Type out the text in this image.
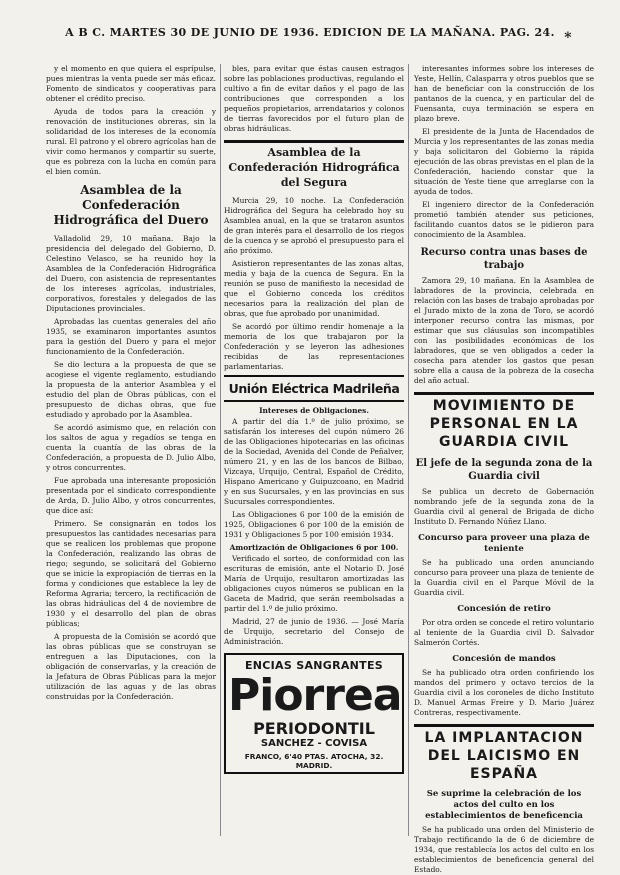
A B C. MARTES 30 DE JUNIO DE 1936. EDICION DE LA MAÑANA. PAG. 24. *

y el momento en que quiera el esprípulse, pues mientras la venta puede ser más eficaz. Fomento de sindicatos y cooperativas para obtener el crédito preciso.

Ayuda de todos para la creación y renovación de instituciones obreras, sin la solidaridad de los intereses de la economía rural. El patrono y el obrero agrícolas han de vivir como hermanos y compartir su suerte, que es pobreza con la lucha en común para el bien común.

Asamblea de la Confederación Hidrográfica del Duero

Valladolid 29, 10 mañana. Bajo la presidencia del delegado del Gobierno, D. Celestino Velasco, se ha reunido hoy la Asamblea de la Confederación Hidrográfica del Duero, con asistencia de representantes de los intereses agrícolas, industriales, corporativos, forestales y delegados de las Diputaciones provinciales.

Aprobadas las cuentas generales del año 1935, se examinaron importantes asuntos para la gestión del Duero y para el mejor funcionamiento de la Confederación.

Se dio lectura a la propuesta de que se acogiese el vigente reglamento, estudiando la propuesta de la anterior Asamblea y el estudio del plan de Obras públicas, con el presupuesto de dichas obras, que fue estudiado y aprobado por la Asamblea.

Se acordó asimismo que, en relación con los saltos de agua y regadíos se tenga en cuenta la cuantía de las obras de la Confederación, a propuesta de D. Julio Albo, y otros concurrentes.

Fue aprobada una interesante proposición presentada por el sindicato correspondiente de Arda, D. Julio Albo, y otros concurrentes, que dice así:

Primero. Se consignarán en todos los presupuestos las cantidades necesarias para que se realicen los problemas que propone la Confederación, realizando las obras de riego; segundo, se solicitará del Gobierno que se inicie la expropiación de tierras en la forma y condiciones que establece la ley de Reforma Agraria; tercero, la rectificación de las obras hidráulicas del 4 de noviembre de 1930 y el desarrollo del plan de obras públicas;

A propuesta de la Comisión se acordó que las obras públicas que se construyan se entreguen a las Diputaciones, con la obligación de conservarlas, y la creación de la Jefatura de Obras Públicas para la mejor utilización de las aguas y de las obras construidas por la Confederación.

bles, para evitar que éstas causen estragos sobre las poblaciones productivas, regulando el cultivo a fin de evitar daños y el pago de las contribuciones que corresponden a los pequeños propietarios, arrendatarios y colonos de tierras favorecidos por el futuro plan de obras hidráulicas.

Asamblea de la Confederación Hidrográfica del Segura

Murcia 29, 10 noche. La Confederación Hidrográfica del Segura ha celebrado hoy su Asamblea anual, en la que se trataron asuntos de gran interés para el desarrollo de los riegos de la cuenca y se aprobó el presupuesto para el año próximo.

Asistieron representantes de las zonas altas, media y baja de la cuenca de Segura. En la reunión se puso de manifiesto la necesidad de que el Gobierno conceda los créditos necesarios para la realización del plan de obras, que fue aprobado por unanimidad.

Se acordó por último rendir homenaje a la memoria de los que trabajaron por la Confederación y se leyeron las adhesiones recibidas de las representaciones parlamentarias.

Unión Eléctrica Madrileña
Intereses de Obligaciones.

A partir del día 1.º de julio próximo, se satisfarán los intereses del cupón número 26 de las Obligaciones hipotecarias en las oficinas de la Sociedad, Avenida del Conde de Peñalver, número 21, y en las de los bancos de Bilbao, Vizcaya, Urquijo, Central, Español de Crédito, Hispano Americano y Guipuzcoano, en Madrid y en sus Sucursales, y en las provincias en sus Sucursales correspondientes.

Las Obligaciones 6 por 100 de la emisión de 1925, Obligaciones 6 por 100 de la emisión de 1931 y Obligaciones 5 por 100 emisión 1934.

Amortización de Obligaciones 6 por 100.

Verificado el sorteo, de conformidad con las escrituras de emisión, ante el Notario D. José María de Urquijo, resultaron amortizadas las obligaciones cuyos números se publican en la Gaceta de Madrid, que serán reembolsadas a partir del 1.º de julio próximo.

Madrid, 27 de junio de 1936. — José María de Urquijo, secretario del Consejo de Administración.

ENCIAS SANGRANTES
Piorrea
PERIODONTIL
SANCHEZ - COVISA
FRANCO, 6'40 PTAS. ATOCHA, 32. MADRID.

interesantes informes sobre los intereses de Yeste, Hellín, Calasparra y otros pueblos que se han de beneficiar con la construcción de los pantanos de la cuenca, y en particular del de Fuensanta, cuya terminación se espera en plazo breve.

El presidente de la Junta de Hacendados de Murcia y los representantes de las zonas media y baja solicitaron del Gobierno la rápida ejecución de las obras previstas en el plan de la Confederación, haciendo constar que la situación de Yeste tiene que arreglarse con la ayuda de todos.

El ingeniero director de la Confederación prometió también atender sus peticiones, facilitando cuantos datos se le pidieron para conocimiento de la Asamblea.

Recurso contra unas bases de trabajo

Zamora 29, 10 mañana. En la Asamblea de labradores de la provincia, celebrada en relación con las bases de trabajo aprobadas por el Jurado mixto de la zona de Toro, se acordó interponer recurso contra las mismas, por estimar que sus cláusulas son incompatibles con las posibilidades económicas de los labradores, que se ven obligados a ceder la cosecha para atender los gastos que pesan sobre ella a causa de la pobreza de la cosecha del año actual.

MOVIMIENTO DE PERSONAL EN LA GUARDIA CIVIL
El jefe de la segunda zona de la Guardia civil

Se publica un decreto de Gobernación nombrando jefe de la segunda zona de la Guardia civil al general de Brigada de dicho Instituto D. Fernando Núñez Llano.

Concurso para proveer una plaza de teniente

Se ha publicado una orden anunciando concurso para proveer una plaza de teniente de la Guardia civil en el Parque Móvil de la Guardia civil.

Concesión de retiro

Por otra orden se concede el retiro voluntario al teniente de la Guardia civil D. Salvador Salmerón Cortés.

Concesión de mandos

Se ha publicado otra orden confiriendo los mandos del primero y octavo tercios de la Guardia civil a los coroneles de dicho Instituto D. Manuel Armas Freire y D. Mario Juárez Contreras, respectivamente.

LA IMPLANTACION DEL LAICISMO EN ESPAÑA
Se suprime la celebración de los actos del culto en los establecimientos de beneficencia

Se ha publicado una orden del Ministerio de Trabajo rectificando la de 6 de diciembre de 1934, que restablecía los actos del culto en los establecimientos de beneficencia general del Estado.
